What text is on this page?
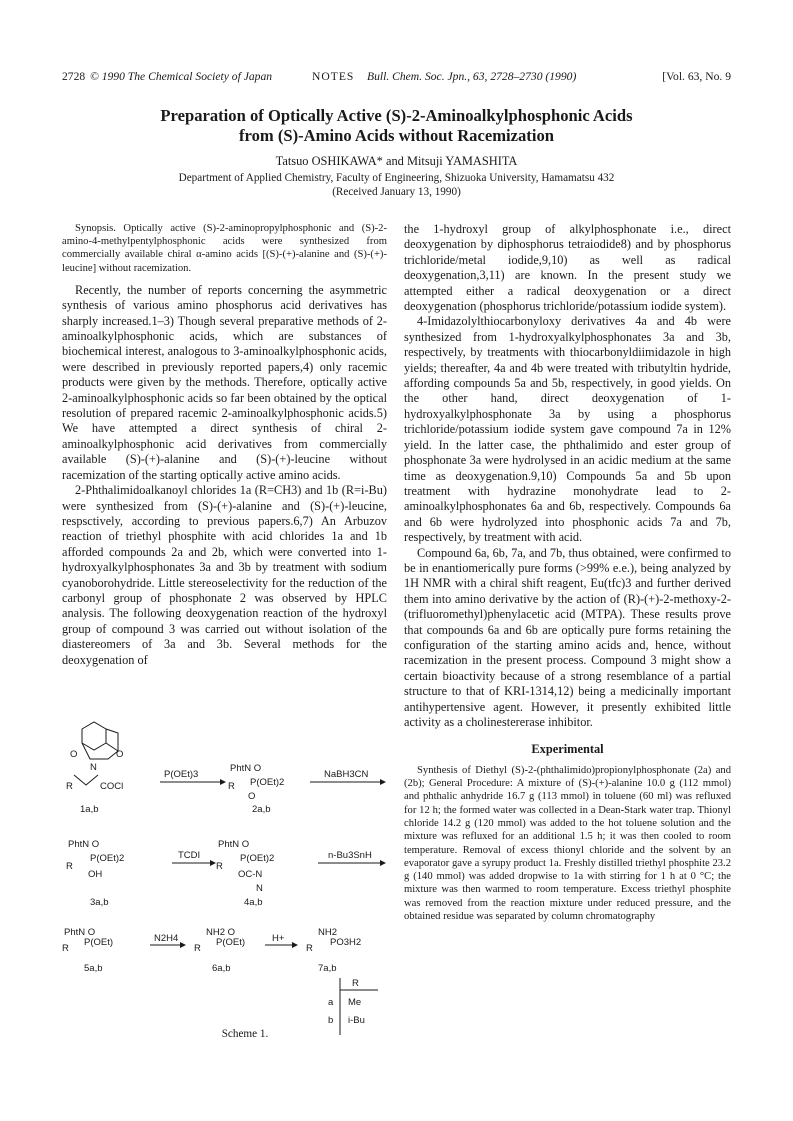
2728 © 1990 The Chemical Society of Japan	NOTES Bull. Chem. Soc. Jpn., 63, 2728–2730 (1990)	[Vol. 63, No. 9
Preparation of Optically Active (S)-2-Aminoalkylphosphonic Acids
from (S)-Amino Acids without Racemization
Tatsuo OSHIKAWA* and Mitsuji YAMASHITA
Department of Applied Chemistry, Faculty of Engineering, Shizuoka University, Hamamatsu 432
(Received January 13, 1990)

Synopsis. Optically active (S)-2-aminopropylphosphonic and (S)-2-amino-4-methylpentylphosphonic acids were synthesized from commercially available chiral α-amino acids [(S)-(+)-alanine and (S)-(+)-leucine] without racemization.

Recently, the number of reports concerning the asymmetric synthesis of various amino phosphorus acid derivatives has sharply increased.1–3) Though several preparative methods of 2-aminoalkylphosphonic acids, which are substances of biochemical interest, analogous to 3-aminoalkylphosphonic acids, were described in previously reported papers,4) only racemic products were given by the methods. Therefore, optically active 2-aminoalkylphosphonic acids so far been obtained by the optical resolution of prepared racemic 2-aminoalkylphosphonic acids.5) We have attempted a direct synthesis of chiral 2-aminoalkylphosphonic acid derivatives from commercially available (S)-(+)-alanine and (S)-(+)-leucine without racemization of the starting optically active amino acids.

2-Phthalimidoalkanoyl chlorides 1a (R=CH3) and 1b (R=i-Bu) were synthesized from (S)-(+)-alanine and (S)-(+)-leucine, respsctively, according to previous papers.6,7) An Arbuzov reaction of triethyl phosphite with acid chlorides 1a and 1b afforded compounds 2a and 2b, which were converted into 1-hydroxyalkylphosphonates 3a and 3b by treatment with sodium cyanoborohydride. Little stereoselectivity for the reduction of the carbonyl group of phosphonate 2 was observed by HPLC analysis. The following deoxygenation reaction of the hydroxyl group of compound 3 was carried out without isolation of the diastereomers of 3a and 3b. Several methods for the deoxygenation of

the 1-hydroxyl group of alkylphosphonate i.e., direct deoxygenation by diphosphorus tetraiodide8) and by phosphorus trichloride/metal iodide,9,10) as well as radical deoxygenation,3,11) are known. In the present study we attempted either a radical deoxygenation or a direct deoxygenation (phosphorus trichloride/potassium iodide system).

4-Imidazolylthiocarbonyloxy derivatives 4a and 4b were synthesized from 1-hydroxyalkylphosphonates 3a and 3b, respectively, by treatments with thiocarbonyldiimidazole in high yields; thereafter, 4a and 4b were treated with tributyltin hydride, affording compounds 5a and 5b, respectively, in good yields. On the other hand, direct deoxygenation of 1-hydroxyalkylphosphonate 3a by using a phosphorus trichloride/potassium iodide system gave compound 7a in 12% yield. In the latter case, the phthalimido and ester group of phosphonate 3a were hydrolysed in an acidic medium at the same time as deoxygenation.9,10) Compounds 5a and 5b upon treatment with hydrazine monohydrate lead to 2-aminoalkylphosphonates 6a and 6b, respectively. Compounds 6a and 6b were hydrolyzed into phosphonic acids 7a and 7b, respectively, by treatment with acid.

Compound 6a, 6b, 7a, and 7b, thus obtained, were confirmed to be in enantiomerically pure forms (>99% e.e.), being analyzed by 1H NMR with a chiral shift reagent, Eu(tfc)3 and further derived them into amino derivative by the action of (R)-(+)-2-methoxy-2-(trifluoromethyl)phenylacetic acid (MTPA). These results prove that compounds 6a and 6b are optically pure forms retaining the configuration of the starting amino acids and, hence, without racemization in the present process. Compound 3 might show a certain bioactivity because of a strong resemblance of a partial structure to that of KRI-1314,12) being a medicinally important antihypertensive agent. However, it presently exhibited little activity as a cholinestererase inhibitor.

Experimental

Synthesis of Diethyl (S)-2-(phthalimido)propionylphosphonate (2a) and (2b); General Procedure: A mixture of (S)-(+)-alanine 10.0 g (112 mmol) and phthalic anhydride 16.7 g (113 mmol) in toluene (60 ml) was refluxed for 12 h; the formed water was collected in a Dean-Stark water trap. Thionyl chloride 14.2 g (120 mmol) was added to the hot toluene solution and the mixture was refluxed for an additional 1.5 h; it was then cooled to room temperature. Removal of excess thionyl chloride and the solvent by an evaporator gave a syrupy product 1a. Freshly distilled triethyl phosphite 23.2 g (140 mmol) was added dropwise to 1a with stirring for 1 h at 0 °C; the mixture was then warmed to room temperature. Excess triethyl phosphite was removed from the reaction mixture under reduced pressure, and the obtained residue was separated by column chromatography

O	O
N
R	COCl
1a,b
P(OEt)3
PhtN O
R P(OEt)2
O
2a,b
NaBH3CN
PhtN O
R
P(OEt)2
OH
3a,b
TCDI
PhtN O
R
P(OEt)2
OC-N
N
4a,b
n-Bu3SnH
PhtN O
R
P(OEt)
5a,b
N2H4
NH2 O
R
P(OEt)
6a,b
H+
NH2
R
PO3H2
7a,b
R
a Me
b i-Bu
Scheme 1.
